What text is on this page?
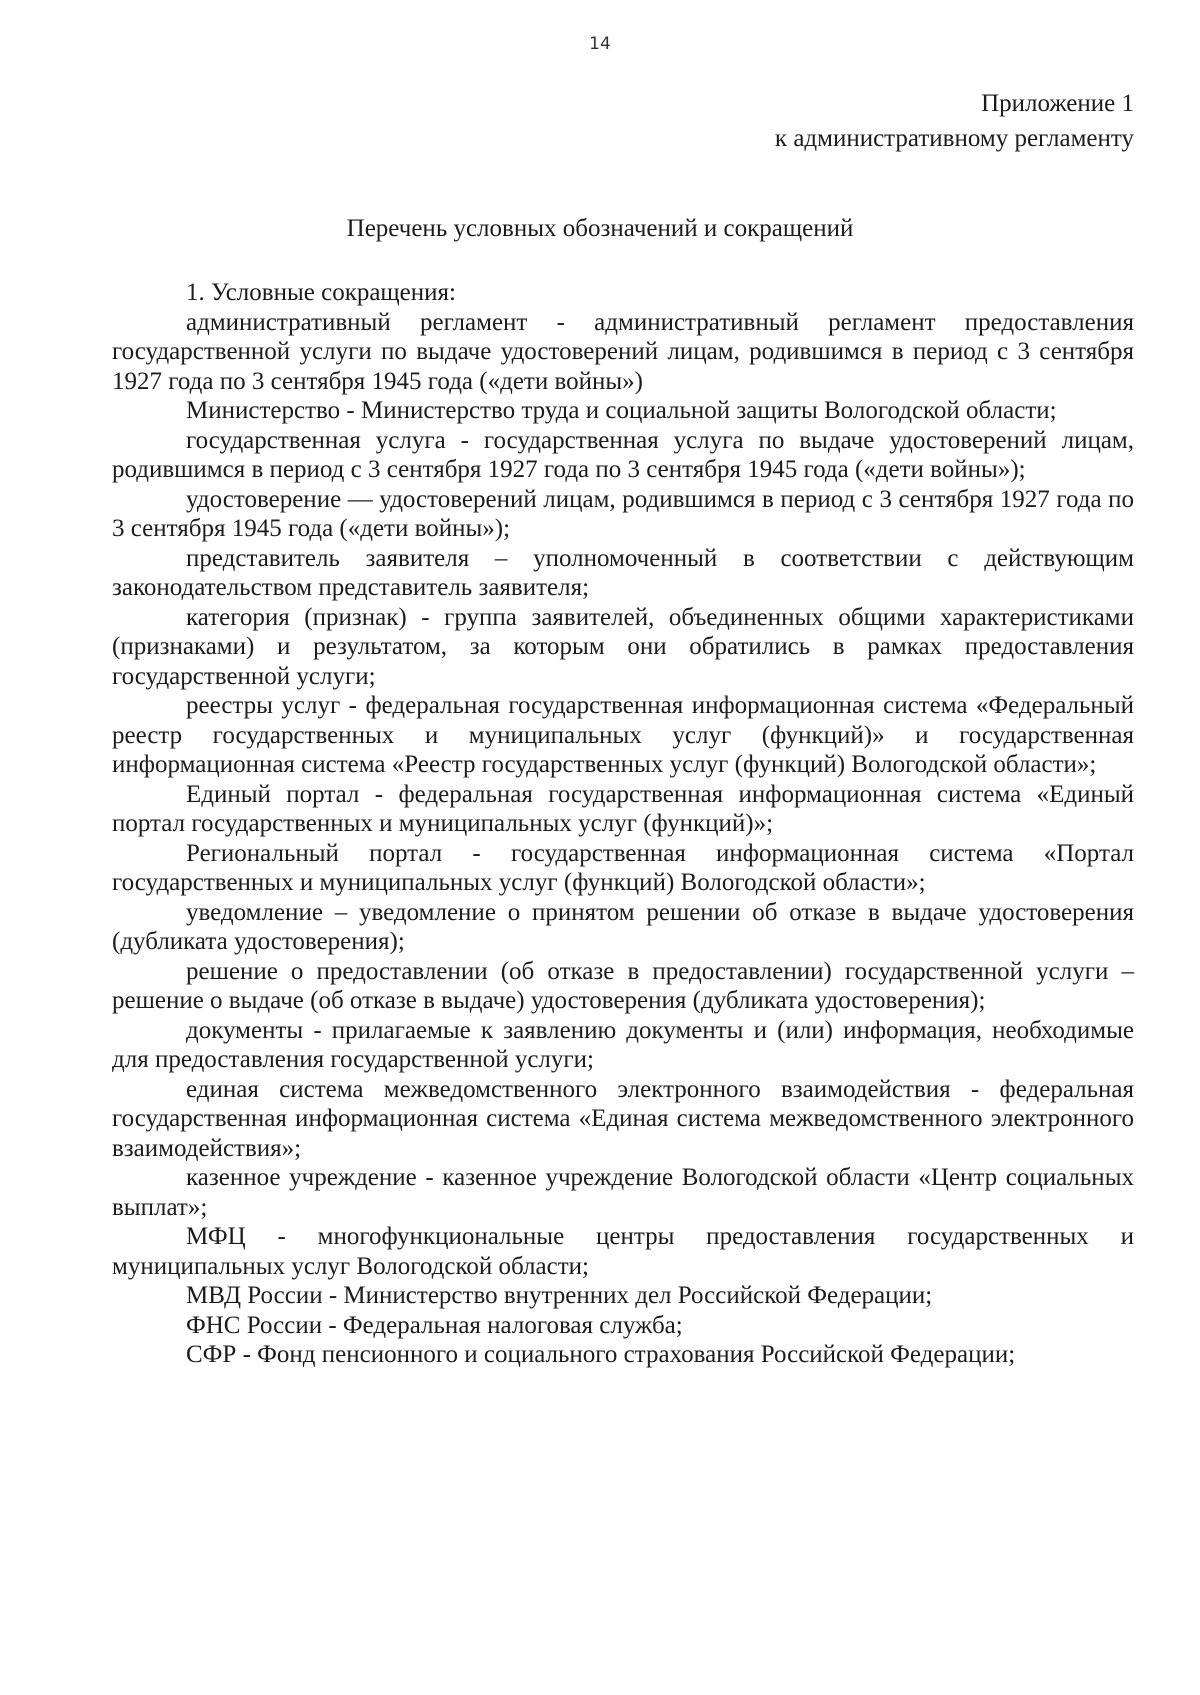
14
Приложение 1
к административному регламенту
Перечень условных обозначений и сокращений

1. Условные сокращения:

административный регламент - административный регламент предоставления государственной услуги по выдаче удостоверений лицам, родившимся в период с 3 сентября 1927 года по 3 сентября 1945 года («дети войны»)

Министерство - Министерство труда и социальной защиты Вологодской области;

государственная услуга - государственная услуга по выдаче удостоверений лицам, родившимся в период с 3 сентября 1927 года по 3 сентября 1945 года («дети войны»);

удостоверение — удостоверений лицам, родившимся в период с 3 сентября 1927 года по 3 сентября 1945 года («дети войны»);

представитель заявителя – уполномоченный в соответствии с действующим законодательством представитель заявителя;

категория (признак) - группа заявителей, объединенных общими характеристиками (признаками) и результатом, за которым они обратились в рамках предоставления государственной услуги;

реестры услуг - федеральная государственная информационная система «Федеральный реестр государственных и муниципальных услуг (функций)» и государственная информационная система «Реестр государственных услуг (функций) Вологодской области»;

Единый портал - федеральная государственная информационная система «Единый портал государственных и муниципальных услуг (функций)»;

Региональный портал - государственная информационная система «Портал государственных и муниципальных услуг (функций) Вологодской области»;

уведомление – уведомление о принятом решении об отказе в выдаче удостоверения (дубликата удостоверения);

решение о предоставлении (об отказе в предоставлении) государственной услуги – решение о выдаче (об отказе в выдаче) удостоверения (дубликата удостоверения);

документы - прилагаемые к заявлению документы и (или) информация, необходимые для предоставления государственной услуги;

единая система межведомственного электронного взаимодействия - федеральная государственная информационная система «Единая система межведомственного электронного взаимодействия»;

казенное учреждение - казенное учреждение Вологодской области «Центр социальных выплат»;

МФЦ - многофункциональные центры предоставления государственных и муниципальных услуг Вологодской области;

МВД России - Министерство внутренних дел Российской Федерации;

ФНС России - Федеральная налоговая служба;

СФР - Фонд пенсионного и социального страхования Российской Федерации;
